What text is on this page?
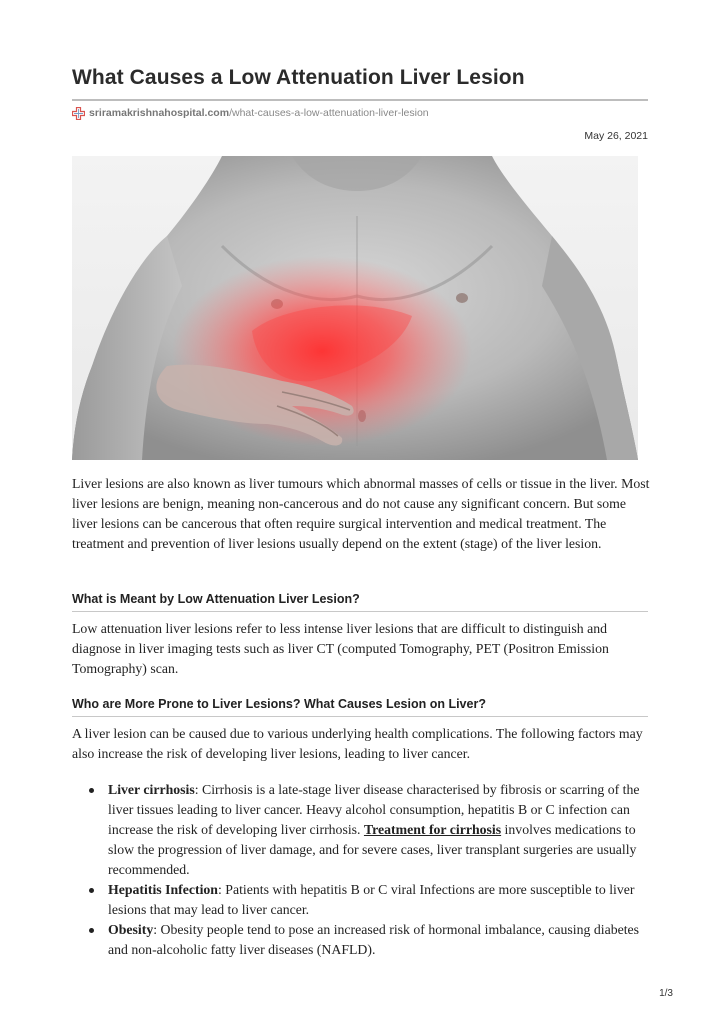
What Causes a Low Attenuation Liver Lesion
sriramakrishnahospital.com /what-causes-a-low-attenuation-liver-lesion
May 26, 2021

Liver lesions are also known as liver tumours which abnormal masses of cells or tissue in the liver. Most liver lesions are benign, meaning non-cancerous and do not cause any significant concern. But some liver lesions can be cancerous that often require surgical intervention and medical treatment. The treatment and prevention of liver lesions usually depend on the extent (stage) of the liver lesion.

What is Meant by Low Attenuation Liver Lesion?

Low attenuation liver lesions refer to less intense liver lesions that are difficult to distinguish and diagnose in liver imaging tests such as liver CT (computed Tomography, PET (Positron Emission Tomography) scan.

Who are More Prone to Liver Lesions? What Causes Lesion on Liver?

A liver lesion can be caused due to various underlying health complications. The following factors may also increase the risk of developing liver lesions, leading to liver cancer.

Liver cirrhosis: Cirrhosis is a late-stage liver disease characterised by fibrosis or scarring of the liver tissues leading to liver cancer. Heavy alcohol consumption, hepatitis B or C infection can increase the risk of developing liver cirrhosis. Treatment for cirrhosis involves medications to slow the progression of liver damage, and for severe cases, liver transplant surgeries are usually recommended.
Hepatitis Infection: Patients with hepatitis B or C viral Infections are more susceptible to liver lesions that may lead to liver cancer.
Obesity: Obesity people tend to pose an increased risk of hormonal imbalance, causing diabetes and non-alcoholic fatty liver diseases (NAFLD).
1/3
